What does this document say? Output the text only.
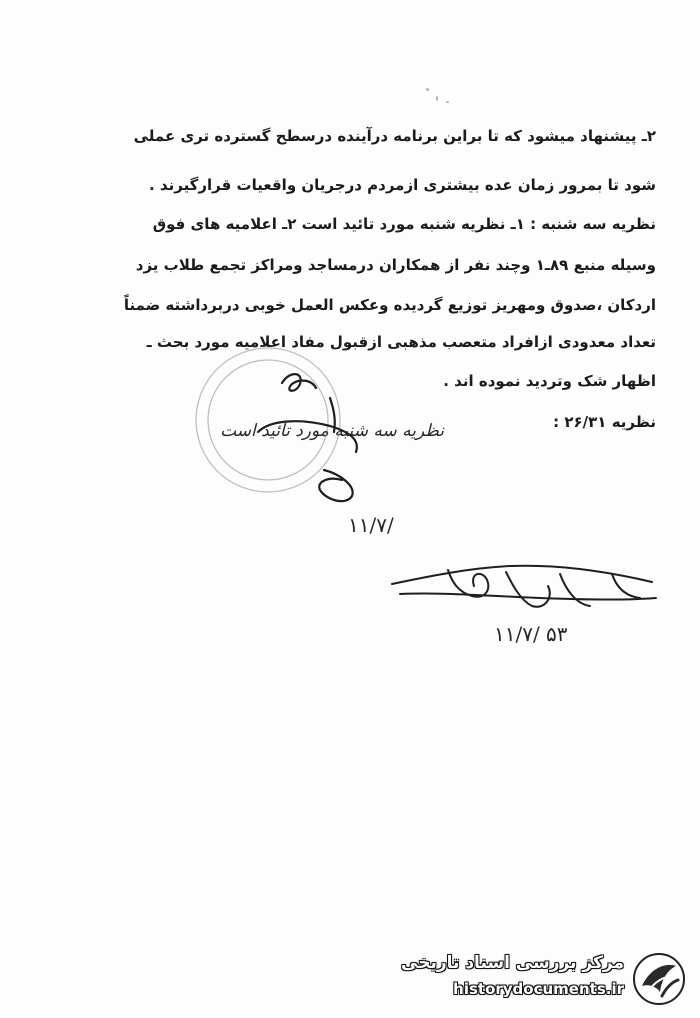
۲ـ پیشنهاد میشود که تا براین برنامه درآینده درسطح گسترده تری عملی
شود تا بمرور زمان عده بیشتری ازمردم درجریان واقعیات قرارگیرند .
نظریه سه شنبه : ۱ـ نظریه شنبه مورد تائید است ۲ـ اعلامیه های فوق
وسیله منبع ۸۹ـ۱ وچند نفر از همکاران درمساجد ومراکز تجمع طلاب یزد
اردکان ،صدوق ومهریز توزیع گردیده وعکس العمل خوبی دربرداشته ضمناً
تعداد معدودی ازافراد متعصب مذهبی ازقبول مفاد اعلامیه مورد بحث ـ
اظهار شک وتردید نموده اند .
نظریه ۲۶/۳۱ :
نظریه سه شنبه مورد تائید است
۱۱/۷/
۱۱/۷/ ۵۳
مرکز بررسی اسناد تاریخی
historydocuments.ir
